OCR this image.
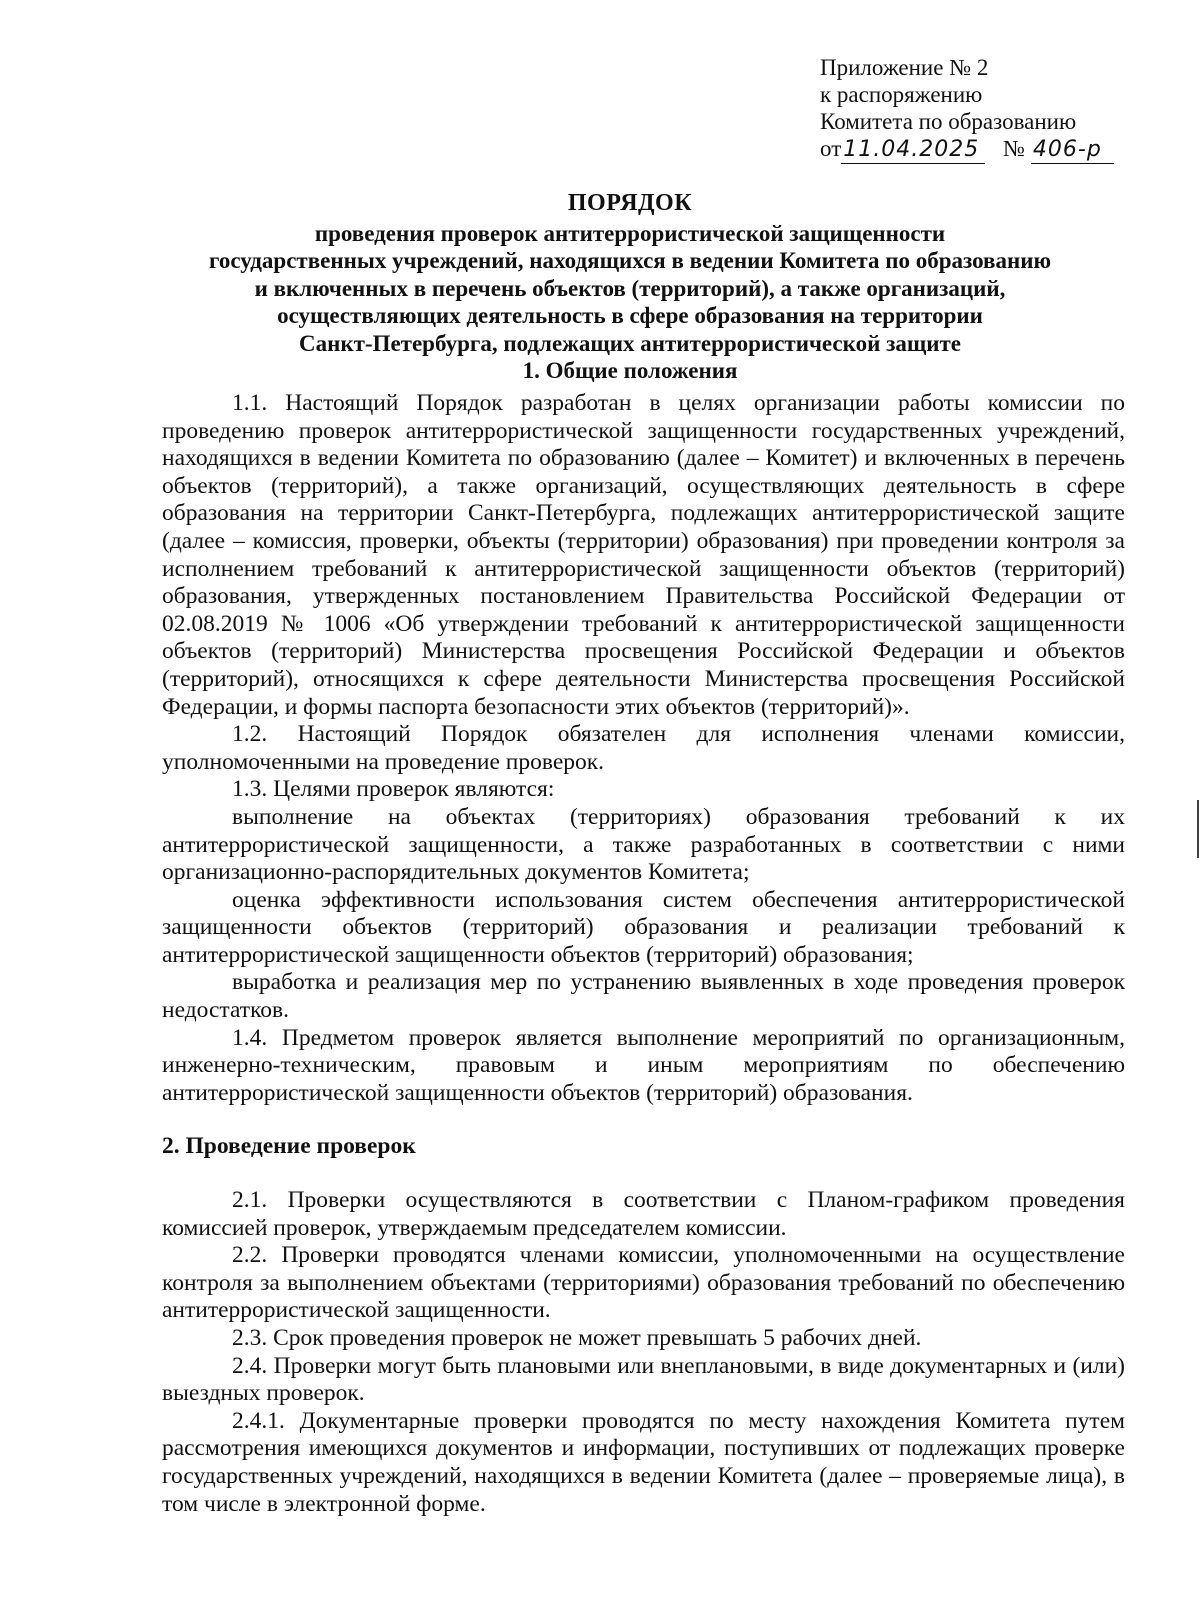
Приложение № 2
к распоряжению
Комитета по образованию
от11.04.2025 № 406-р
ПОРЯДОК
проведения проверок антитеррористической защищенности
государственных учреждений, находящихся в ведении Комитета по образованию
и включенных в перечень объектов (территорий), а также организаций,
осуществляющих деятельность в сфере образования на территории
Санкт-Петербурга, подлежащих антитеррористической защите
1. Общие положения

1.1. Настоящий Порядок разработан в целях организации работы комиссии по проведению проверок антитеррористической защищенности государственных учреждений, находящихся в ведении Комитета по образованию (далее – Комитет) и включенных в перечень объектов (территорий), а также организаций, осуществляющих деятельность в сфере образования на территории Санкт-Петербурга, подлежащих антитеррористической защите (далее – комиссия, проверки, объекты (территории) образования) при проведении контроля за исполнением требований к антитеррористической защищенности объектов (территорий) образования, утвержденных постановлением Правительства Российской Федерации от 02.08.2019 № 1006 «Об утверждении требований к антитеррористической защищенности объектов (территорий) Министерства просвещения Российской Федерации и объектов (территорий), относящихся к сфере деятельности Министерства просвещения Российской Федерации, и формы паспорта безопасности этих объектов (территорий)».

1.2. Настоящий Порядок обязателен для исполнения членами комиссии, уполномоченными на проведение проверок.

1.3. Целями проверок являются:

выполнение на объектах (территориях) образования требований к их антитеррористической защищенности, а также разработанных в соответствии с ними организационно-распорядительных документов Комитета;

оценка эффективности использования систем обеспечения антитеррористической защищенности объектов (территорий) образования и реализации требований к антитеррористической защищенности объектов (территорий) образования;

выработка и реализация мер по устранению выявленных в ходе проведения проверок недостатков.

1.4. Предметом проверок является выполнение мероприятий по организационным, инженерно-техническим, правовым и иным мероприятиям по обеспечению антитеррористической защищенности объектов (территорий) образования.

2. Проведение проверок

2.1. Проверки осуществляются в соответствии с Планом-графиком проведения комиссией проверок, утверждаемым председателем комиссии.

2.2. Проверки проводятся членами комиссии, уполномоченными на осуществление контроля за выполнением объектами (территориями) образования требований по обеспечению антитеррористической защищенности.

2.3. Срок проведения проверок не может превышать 5 рабочих дней.

2.4. Проверки могут быть плановыми или внеплановыми, в виде документарных и (или) выездных проверок.

2.4.1. Документарные проверки проводятся по месту нахождения Комитета путем рассмотрения имеющихся документов и информации, поступивших от подлежащих проверке государственных учреждений, находящихся в ведении Комитета (далее – проверяемые лица), в том числе в электронной форме.
